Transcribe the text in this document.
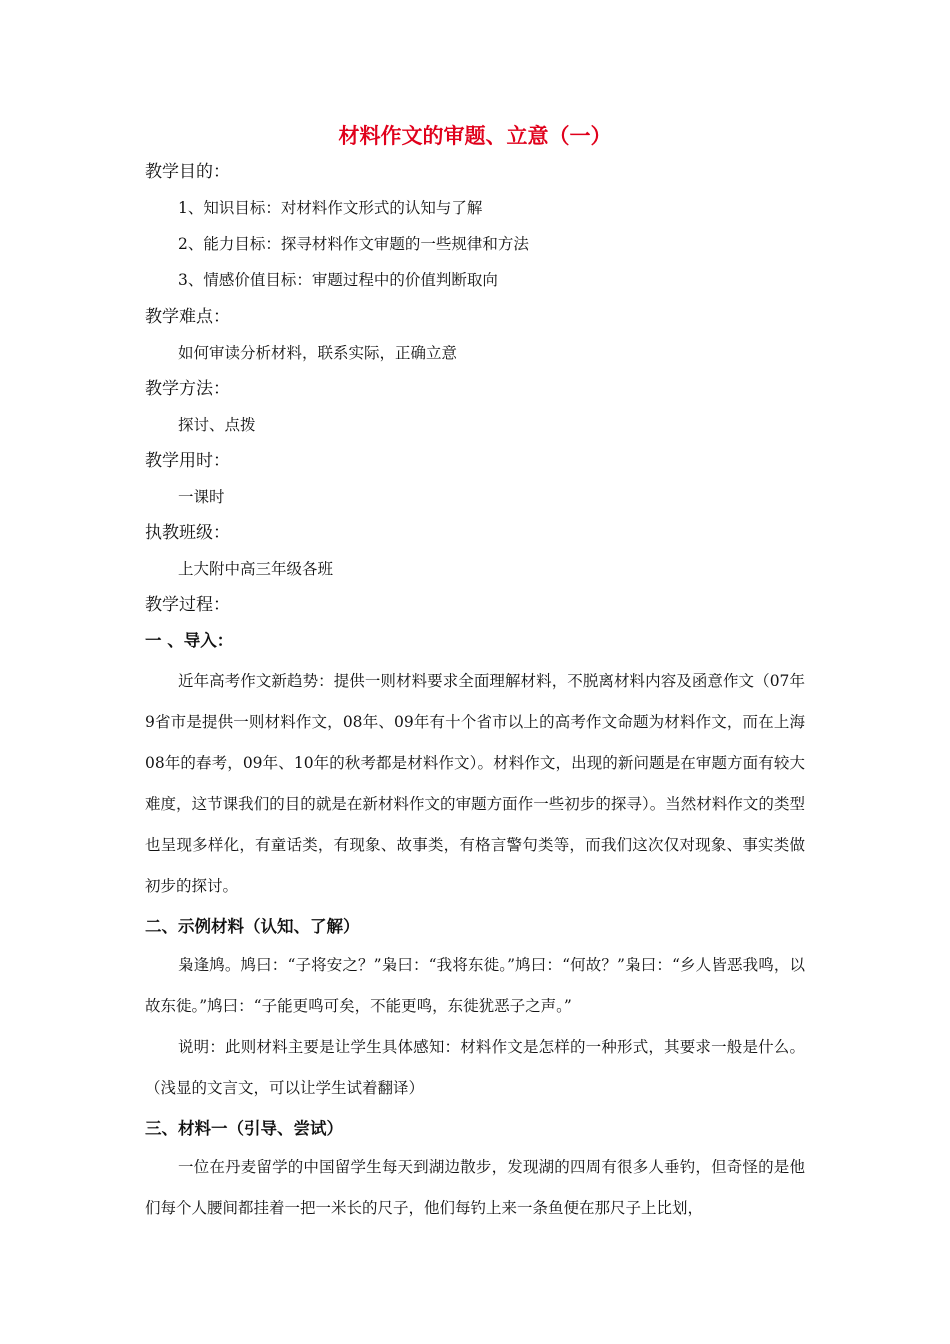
材料作文的审题、立意（一）
教学目的：
1、知识目标：对材料作文形式的认知与了解
2、能力目标：探寻材料作文审题的一些规律和方法
3、情感价值目标：审题过程中的价值判断取向
教学难点：
如何审读分析材料，联系实际，正确立意
教学方法：
探讨、点拨
教学用时：
一课时
执教班级：
上大附中高三年级各班
教学过程：
一 、导入：

近年高考作文新趋势：提供一则材料要求全面理解材料，不脱离材料内容及函意作文（07年9省市是提供一则材料作文，08年、09年有十个省市以上的高考作文命题为材料作文，而在上海08年的春考，09年、10年的秋考都是材料作文）。材料作文，出现的新问题是在审题方面有较大难度，这节课我们的目的就是在新材料作文的审题方面作一些初步的探寻）。当然材料作文的类型也呈现多样化，有童话类，有现象、故事类，有格言警句类等，而我们这次仅对现象、事实类做初步的探讨。

二、示例材料（认知、了解）

枭逢鸠。鸠曰：“子将安之？”枭曰：“我将东徙。”鸠曰：“何故？”枭曰：“乡人皆恶我鸣，以故东徙。”鸠曰：“子能更鸣可矣，不能更鸣，东徙犹恶子之声。”

说明：此则材料主要是让学生具体感知：材料作文是怎样的一种形式，其要求一般是什么。（浅显的文言文，可以让学生试着翻译）

三、材料一（引导、尝试）

一位在丹麦留学的中国留学生每天到湖边散步，发现湖的四周有很多人垂钓，但奇怪的是他们每个人腰间都挂着一把一米长的尺子，他们每钓上来一条鱼便在那尺子上比划，
